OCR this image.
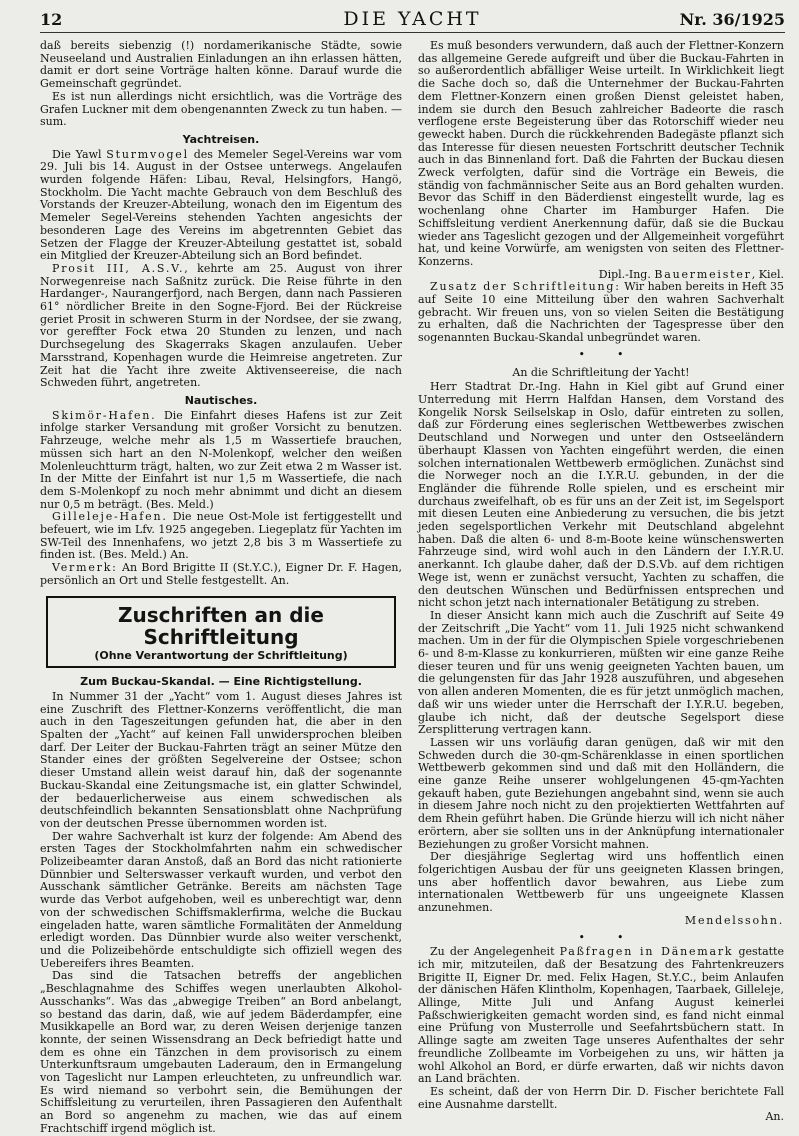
12	DIE YACHT	Nr. 36/1925

daß bereits siebenzig (!) nordamerikanische Städte, sowie Neuseeland und Australien Einladungen an ihn erlassen hätten, damit er dort seine Vorträge halten könne. Darauf wurde die Gemeinschaft gegründet.

Es ist nun allerdings nicht ersichtlich, was die Vorträge des Grafen Luckner mit dem obengenannten Zweck zu tun haben. — sum.

Yachtreisen.

Die Yawl Sturmvogel des Memeler Segel-Vereins war vom 29. Juli bis 14. August in der Ostsee unterwegs. Angelaufen wurden folgende Häfen: Libau, Reval, Helsingfors, Hangö, Stockholm. Die Yacht machte Gebrauch von dem Beschluß des Vorstands der Kreuzer-Abteilung, wonach den im Eigentum des Memeler Segel-Vereins stehenden Yachten angesichts der besonderen Lage des Vereins im abgetrennten Gebiet das Setzen der Flagge der Kreuzer-Abteilung gestattet ist, sobald ein Mitglied der Kreuzer-Abteilung sich an Bord befindet.

Prosit III, A.S.V., kehrte am 25. August von ihrer Norwegenreise nach Saßnitz zurück. Die Reise führte in den Hardanger-, Naurangerfjord, nach Bergen, dann nach Passieren 61° nördlicher Breite in den Sogne-Fjord. Bei der Rückreise geriet Prosit in schweren Sturm in der Nordsee, der sie zwang, vor gereffter Fock etwa 20 Stunden zu lenzen, und nach Durchsegelung des Skagerraks Skagen anzulaufen. Ueber Marsstrand, Kopenhagen wurde die Heimreise angetreten. Zur Zeit hat die Yacht ihre zweite Aktivenseereise, die nach Schweden führt, angetreten.

Nautisches.

Skimör-Hafen. Die Einfahrt dieses Hafens ist zur Zeit infolge starker Versandung mit großer Vorsicht zu benutzen. Fahrzeuge, welche mehr als 1,5 m Wassertiefe brauchen, müssen sich hart an den N-Molenkopf, welcher den weißen Molenleuchtturm trägt, halten, wo zur Zeit etwa 2 m Wasser ist. In der Mitte der Einfahrt ist nur 1,5 m Wassertiefe, die nach dem S-Molenkopf zu noch mehr abnimmt und dicht an diesem nur 0,5 m beträgt. (Bes. Meld.)

Gilleleje-Hafen. Die neue Ost-Mole ist fertiggestellt und befeuert, wie im Lfv. 1925 angegeben. Liegeplatz für Yachten im SW-Teil des Innenhafens, wo jetzt 2,8 bis 3 m Wassertiefe zu finden ist. (Bes. Meld.) An.

Vermerk: An Bord Brigitte II (St.Y.C.), Eigner Dr. F. Hagen, persönlich an Ort und Stelle festgestellt. An.

Zuschriften an die Schriftleitung
(Ohne Verantwortung der Schriftleitung)
Zum Buckau-Skandal. — Eine Richtigstellung.

In Nummer 31 der „Yacht“ vom 1. August dieses Jahres ist eine Zuschrift des Flettner-Konzerns veröffentlicht, die man auch in den Tageszeitungen gefunden hat, die aber in den Spalten der „Yacht“ auf keinen Fall unwidersprochen bleiben darf. Der Leiter der Buckau-Fahrten trägt an seiner Mütze den Stander eines der größten Segelvereine der Ostsee; schon dieser Umstand allein weist darauf hin, daß der sogenannte Buckau-Skandal eine Zeitungsmache ist, ein glatter Schwindel, der bedauerlicherweise aus einem schwedischen als deutschfeindlich bekannten Sensationsblatt ohne Nachprüfung von der deutschen Presse übernommen worden ist.

Der wahre Sachverhalt ist kurz der folgende: Am Abend des ersten Tages der Stockholmfahrten nahm ein schwedischer Polizeibeamter daran Anstoß, daß an Bord das nicht rationierte Dünnbier und Selterswasser verkauft wurden, und verbot den Ausschank sämtlicher Getränke. Bereits am nächsten Tage wurde das Verbot aufgehoben, weil es unberechtigt war, denn von der schwedischen Schiffsmaklerfirma, welche die Buckau eingeladen hatte, waren sämtliche Formalitäten der Anmeldung erledigt worden. Das Dünnbier wurde also weiter verschenkt, und die Polizeibehörde entschuldigte sich offiziell wegen des Uebereifers ihres Beamten.

Das sind die Tatsachen betreffs der angeblichen „Beschlagnahme des Schiffes wegen unerlaubten Alkohol-Ausschanks“. Was das „abwegige Treiben“ an Bord anbelangt, so bestand das darin, daß, wie auf jedem Bäderdampfer, eine Musikkapelle an Bord war, zu deren Weisen derjenige tanzen konnte, der seinen Wissensdrang an Deck befriedigt hatte und dem es ohne ein Tänzchen in dem provisorisch zu einem Unterkunftsraum umgebauten Laderaum, den in Ermangelung von Tageslicht nur Lampen erleuchteten, zu unfreundlich war. Es wird niemand so verbohrt sein, die Bemühungen der Schiffsleitung zu verurteilen, ihren Passagieren den Aufenthalt an Bord so angenehm zu machen, wie das auf einem Frachtschiff irgend möglich ist.

Es muß besonders verwundern, daß auch der Flettner-Konzern das allgemeine Gerede aufgreift und über die Buckau-Fahrten in so außerordentlich abfälliger Weise urteilt. In Wirklichkeit liegt die Sache doch so, daß die Unternehmer der Buckau-Fahrten dem Flettner-Konzern einen großen Dienst geleistet haben, indem sie durch den Besuch zahlreicher Badeorte die rasch verflogene erste Begeisterung über das Rotorschiff wieder neu geweckt haben. Durch die rückkehrenden Badegäste pflanzt sich das Interesse für diesen neuesten Fortschritt deutscher Technik auch in das Binnenland fort. Daß die Fahrten der Buckau diesen Zweck verfolgten, dafür sind die Vorträge ein Beweis, die ständig von fachmännischer Seite aus an Bord gehalten wurden. Bevor das Schiff in den Bäderdienst eingestellt wurde, lag es wochenlang ohne Charter im Hamburger Hafen. Die Schiffsleitung verdient Anerkennung dafür, daß sie die Buckau wieder ans Tageslicht gezogen und der Allgemeinheit vorgeführt hat, und keine Vorwürfe, am wenigsten von seiten des Flettner-Konzerns.

Dipl.-Ing. Bauermeister, Kiel.

Zusatz der Schriftleitung: Wir haben bereits in Heft 35 auf Seite 10 eine Mitteilung über den wahren Sachverhalt gebracht. Wir freuen uns, von so vielen Seiten die Bestätigung zu erhalten, daß die Nachrichten der Tagespresse über den sogenannten Buckau-Skandal unbegründet waren.

•	•
An die Schriftleitung der Yacht!

Herr Stadtrat Dr.-Ing. Hahn in Kiel gibt auf Grund einer Unterredung mit Herrn Halfdan Hansen, dem Vorstand des Kongelik Norsk Seilselskap in Oslo, dafür eintreten zu sollen, daß zur Förderung eines seglerischen Wettbewerbes zwischen Deutschland und Norwegen und unter den Ostseeländern überhaupt Klassen von Yachten eingeführt werden, die einen solchen internationalen Wettbewerb ermöglichen. Zunächst sind die Norweger noch an die I.Y.R.U. gebunden, in der die Engländer die führende Rolle spielen, und es erscheint mir durchaus zweifelhaft, ob es für uns an der Zeit ist, im Segelsport mit diesen Leuten eine Anbiederung zu versuchen, die bis jetzt jeden segelsportlichen Verkehr mit Deutschland abgelehnt haben. Daß die alten 6- und 8-m-Boote keine wünschenswerten Fahrzeuge sind, wird wohl auch in den Ländern der I.Y.R.U. anerkannt. Ich glaube daher, daß der D.S.Vb. auf dem richtigen Wege ist, wenn er zunächst versucht, Yachten zu schaffen, die den deutschen Wünschen und Bedürfnissen entsprechen und nicht schon jetzt nach internationaler Betätigung zu streben.

In dieser Ansicht kann mich auch die Zuschrift auf Seite 49 der Zeitschrift „Die Yacht“ vom 11. Juli 1925 nicht schwankend machen. Um in der für die Olympischen Spiele vorgeschriebenen 6- und 8-m-Klasse zu konkurrieren, müßten wir eine ganze Reihe dieser teuren und für uns wenig geeigneten Yachten bauen, um die gelungensten für das Jahr 1928 auszuführen, und abgesehen von allen anderen Momenten, die es für jetzt unmöglich machen, daß wir uns wieder unter die Herrschaft der I.Y.R.U. begeben, glaube ich nicht, daß der deutsche Segelsport diese Zersplitterung vertragen kann.

Lassen wir uns vorläufig daran genügen, daß wir mit den Schweden durch die 30-qm-Schärenklasse in einen sportlichen Wettbewerb gekommen sind und daß mit den Holländern, die eine ganze Reihe unserer wohlgelungenen 45-qm-Yachten gekauft haben, gute Beziehungen angebahnt sind, wenn sie auch in diesem Jahre noch nicht zu den projektierten Wettfahrten auf dem Rhein geführt haben. Die Gründe hierzu will ich nicht näher erörtern, aber sie sollten uns in der Anknüpfung internationaler Beziehungen zu großer Vorsicht mahnen.

Der diesjährige Seglertag wird uns hoffentlich einen folgerichtigen Ausbau der für uns geeigneten Klassen bringen, uns aber hoffentlich davor bewahren, aus Liebe zum internationalen Wettbewerb für uns ungeeignete Klassen anzunehmen.

Mendelssohn.

•	•

Zu der Angelegenheit Paßfragen in Dänemark gestatte ich mir, mitzuteilen, daß der Besatzung des Fahrtenkreuzers Brigitte II, Eigner Dr. med. Felix Hagen, St.Y.C., beim Anlaufen der dänischen Häfen Klintholm, Kopenhagen, Taarbaek, Gilleleje, Allinge, Mitte Juli und Anfang August keinerlei Paßschwierigkeiten gemacht worden sind, es fand nicht einmal eine Prüfung von Musterrolle und Seefahrtsbüchern statt. In Allinge sagte am zweiten Tage unseres Aufenthaltes der sehr freundliche Zollbeamte im Vorbeigehen zu uns, wir hätten ja wohl Alkohol an Bord, er dürfe erwarten, daß wir nichts davon an Land brächten.

Es scheint, daß der von Herrn Dir. D. Fischer berichtete Fall eine Ausnahme darstellt.

An.
